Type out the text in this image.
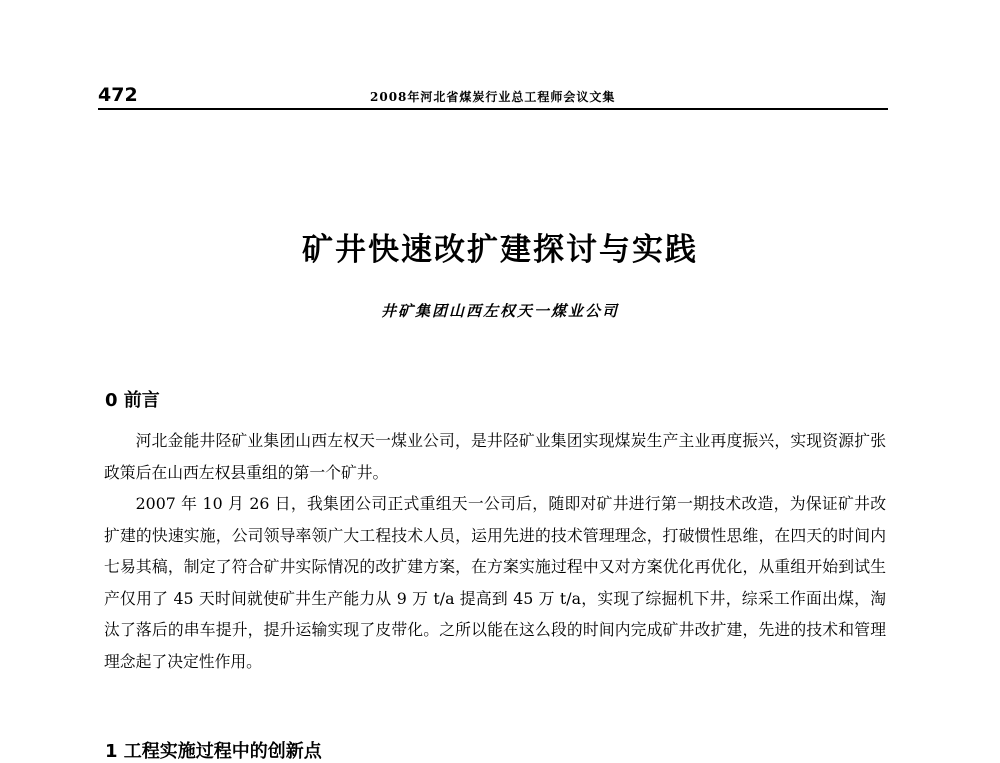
472	2008年河北省煤炭行业总工程师会议文集
矿井快速改扩建探讨与实践
井矿集团山西左权天一煤业公司
0 前言

河北金能井陉矿业集团山西左权天一煤业公司，是井陉矿业集团实现煤炭生产主业再度振兴，实现资源扩张政策后在山西左权县重组的第一个矿井。

2007 年 10 月 26 日，我集团公司正式重组天一公司后，随即对矿井进行第一期技术改造，为保证矿井改扩建的快速实施，公司领导率领广大工程技术人员，运用先进的技术管理理念，打破惯性思维，在四天的时间内七易其稿，制定了符合矿井实际情况的改扩建方案，在方案实施过程中又对方案优化再优化，从重组开始到试生产仅用了 45 天时间就使矿井生产能力从 9 万 t/a 提高到 45 万 t/a，实现了综掘机下井，综采工作面出煤，淘汰了落后的串车提升，提升运输实现了皮带化。之所以能在这么段的时间内完成矿井改扩建，先进的技术和管理理念起了决定性作用。

1 工程实施过程中的创新点
